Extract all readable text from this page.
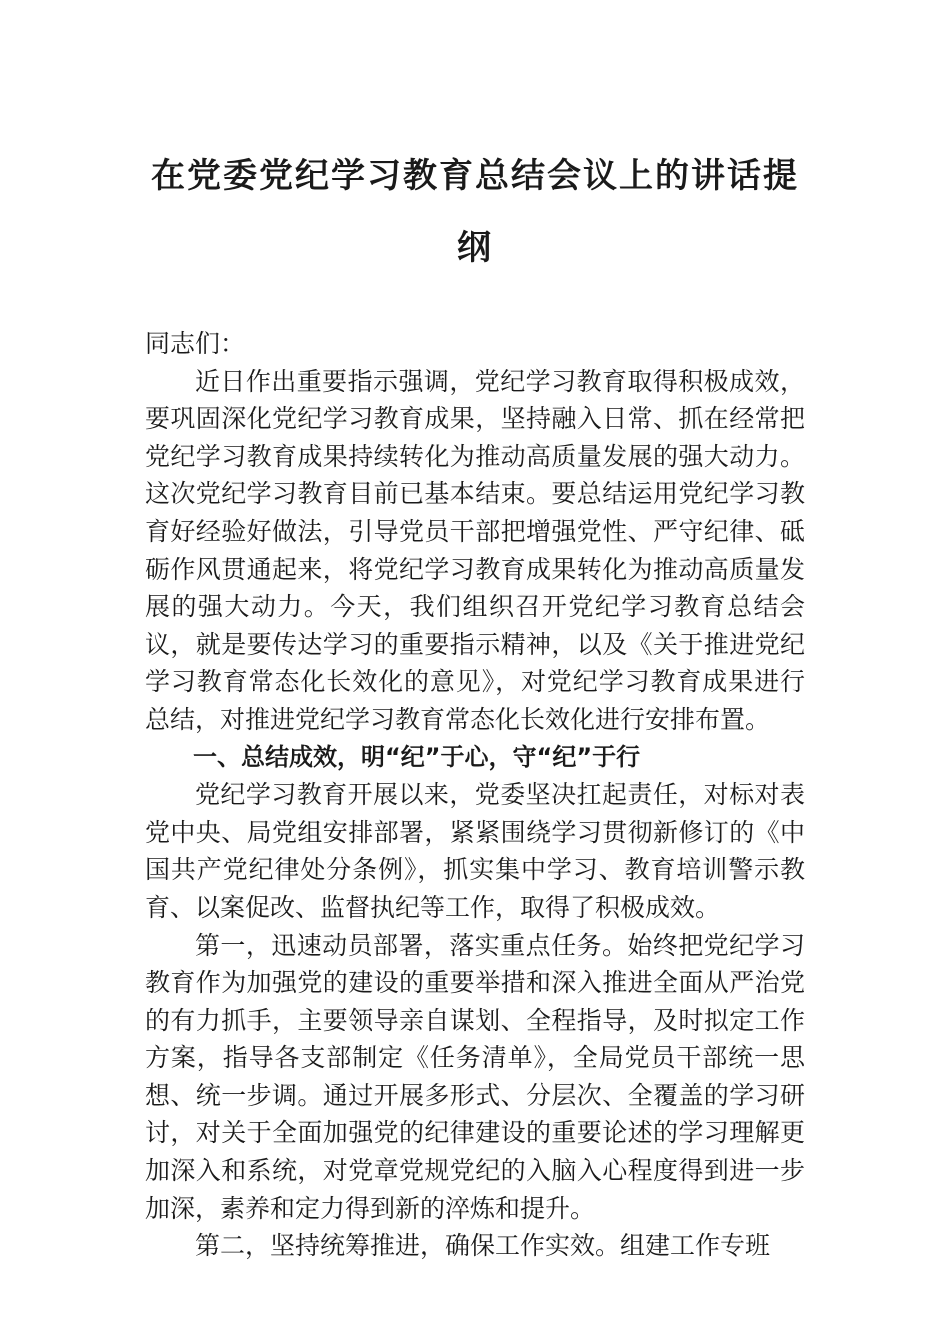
在党委党纪学习教育总结会议上的讲话提纲

同志们：

近日作出重要指示强调，党纪学习教育取得积极成效，要巩固深化党纪学习教育成果，坚持融入日常、抓在经常把党纪学习教育成果持续转化为推动高质量发展的强大动力。这次党纪学习教育目前已基本结束。要总结运用党纪学习教育好经验好做法，引导党员干部把增强党性、严守纪律、砥砺作风贯通起来，将党纪学习教育成果转化为推动高质量发展的强大动力。今天，我们组织召开党纪学习教育总结会议，就是要传达学习的重要指示精神，以及《关于推进党纪学习教育常态化长效化的意见》，对党纪学习教育成果进行总结，对推进党纪学习教育常态化长效化进行安排布置。

一、总结成效，明“纪”于心，守“纪”于行

党纪学习教育开展以来，党委坚决扛起责任，对标对表党中央、局党组安排部署，紧紧围绕学习贯彻新修订的《中国共产党纪律处分条例》，抓实集中学习、教育培训警示教育、以案促改、监督执纪等工作，取得了积极成效。

第一，迅速动员部署，落实重点任务。始终把党纪学习教育作为加强党的建设的重要举措和深入推进全面从严治党的有力抓手，主要领导亲自谋划、全程指导，及时拟定工作方案，指导各支部制定《任务清单》，全局党员干部统一思想、统一步调。通过开展多形式、分层次、全覆盖的学习研讨，对关于全面加强党的纪律建设的重要论述的学习理解更加深入和系统，对党章党规党纪的入脑入心程度得到进一步加深，素养和定力得到新的淬炼和提升。

第二，坚持统筹推进，确保工作实效。组建工作专班
